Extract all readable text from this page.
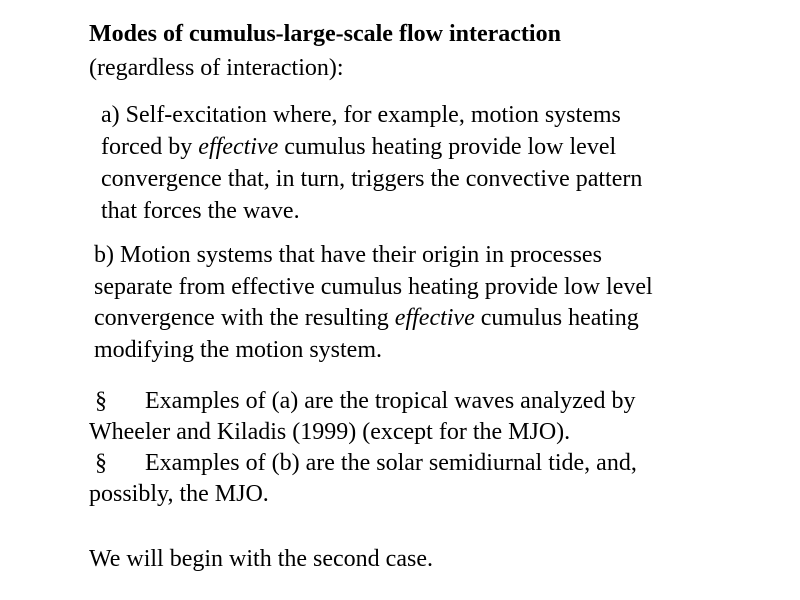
Modes of cumulus-large-scale flow interaction
(regardless of interaction):
a) Self-excitation where, for example, motion systems
forced by effective cumulus heating provide low level
convergence that, in turn, triggers the convective pattern
that forces the wave.
b) Motion systems that have their origin in processes
separate from effective cumulus heating provide low level
convergence with the resulting effective cumulus heating
modifying the motion system.
§ Examples of (a) are the tropical waves analyzed by
Wheeler and Kiladis (1999) (except for the MJO).
§ Examples of (b) are the solar semidiurnal tide, and,
possibly, the MJO.
We will begin with the second case.
